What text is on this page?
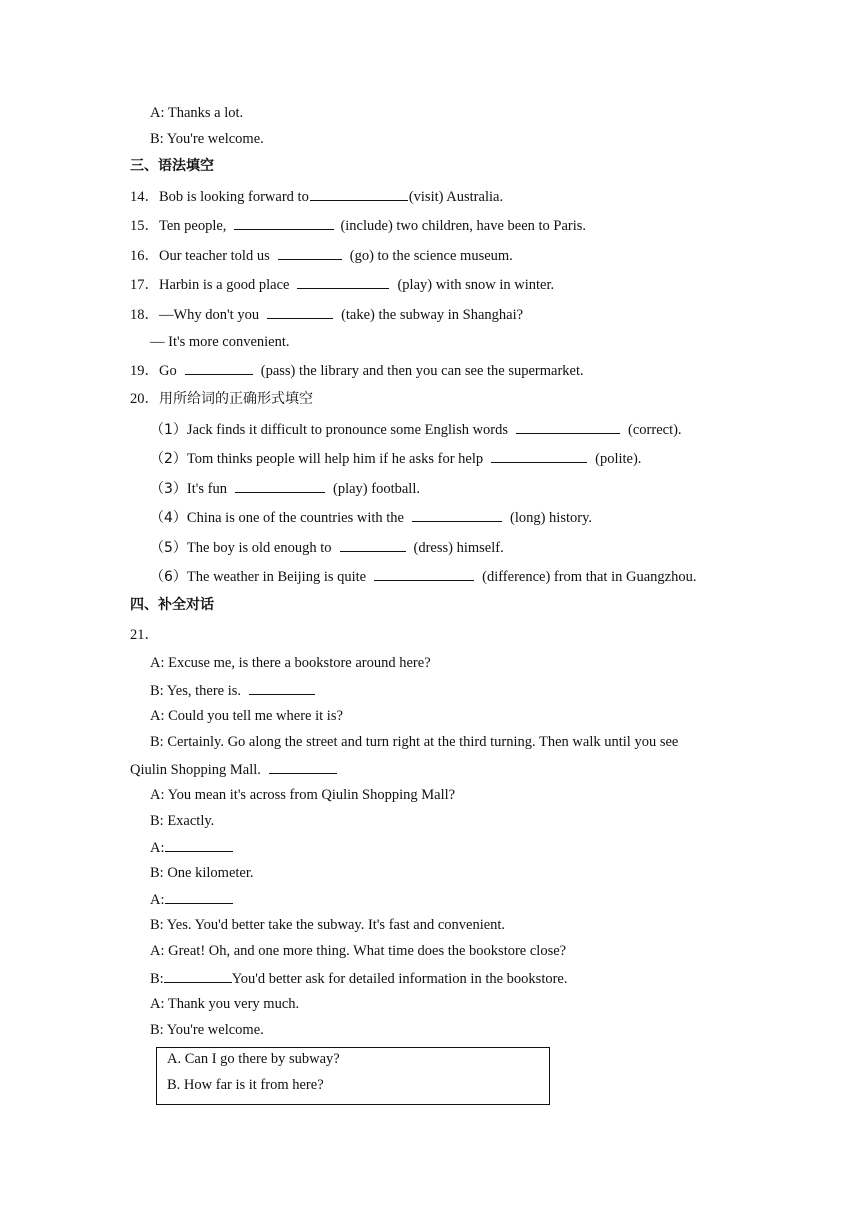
A: Thanks a lot.
B: You're welcome.
三、语法填空
14．Bob is looking forward to	(visit) Australia.
15．Ten people,	(include) two children, have been to Paris.
16．Our teacher told us	(go) to the science museum.
17．Harbin is a good place	(play) with snow in winter.
18．—Why don't you	(take) the subway in Shanghai?
— It's more convenient.
19．Go	(pass) the library and then you can see the supermarket.
20．用所给词的正确形式填空
（1）Jack finds it difficult to pronounce some English words	(correct).
（2）Tom thinks people will help him if he asks for help	(polite).
（3）It's fun	(play) football.
（4）China is one of the countries with the	(long) history.
（5）The boy is old enough to	(dress) himself.
（6）The weather in Beijing is quite	(difference) from that in Guangzhou.
四、补全对话
21．
A: Excuse me, is there a bookstore around here?
B: Yes, there is.
A: Could you tell me where it is?
B: Certainly. Go along the street and turn right at the third turning. Then walk until you see
Qiulin Shopping Mall.
A: You mean it's across from Qiulin Shopping Mall?
B: Exactly.
A:
B: One kilometer.
A:
B: Yes. You'd better take the subway. It's fast and convenient.
A: Great! Oh, and one more thing. What time does the bookstore close?
B:	You'd better ask for detailed information in the bookstore.
A: Thank you very much.
B: You're welcome.
A. Can I go there by subway?
B. How far is it from here?
